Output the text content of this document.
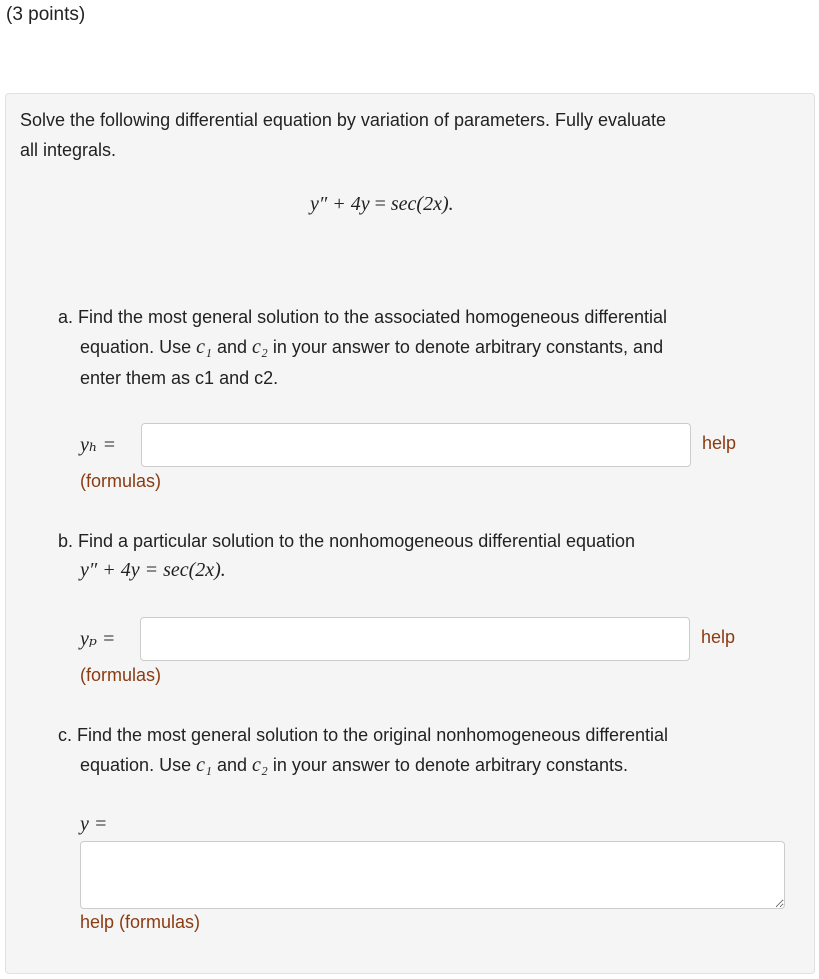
(3 points)
Solve the following differential equation by variation of parameters. Fully evaluate
all integrals.
y″ + 4y = sec(2x).
a. Find the most general solution to the associated homogeneous differential
equation. Use c₁ and c₂ in your answer to denote arbitrary constants, and
enter them as c1 and c2.
yₕ =	help
(formulas)
b. Find a particular solution to the nonhomogeneous differential equation
y″ + 4y = sec(2x).
yₚ =	help
(formulas)
c. Find the most general solution to the original nonhomogeneous differential
equation. Use c₁ and c₂ in your answer to denote arbitrary constants.
y =
help (formulas)
